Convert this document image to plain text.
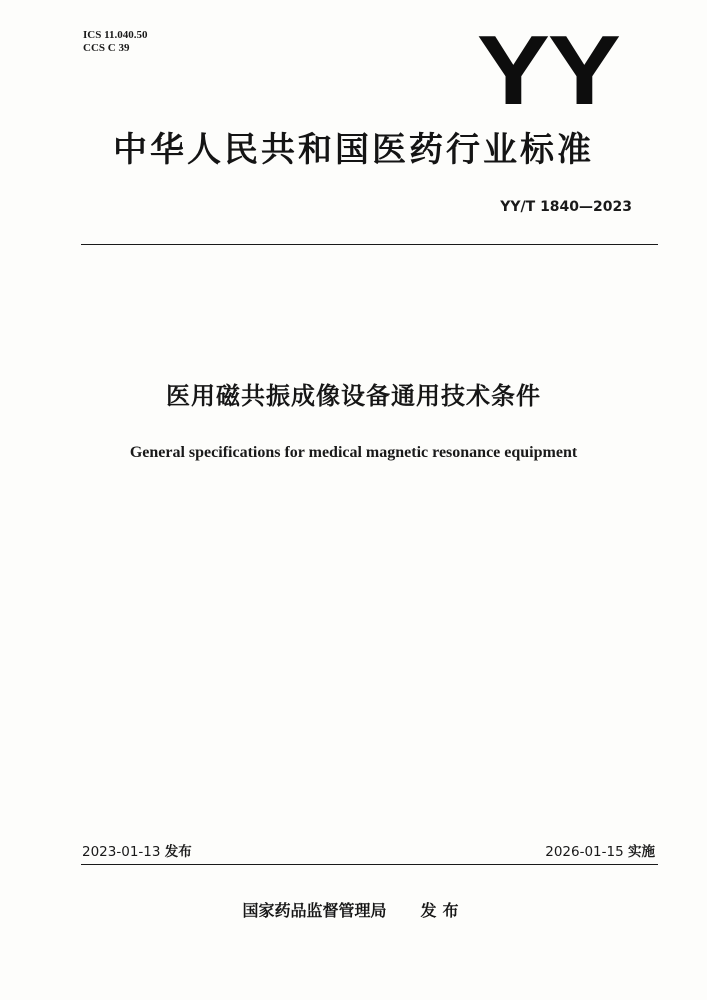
ICS 11.040.50
CCS C 39	YY
中华人民共和国医药行业标准
YY/T 1840—2023
医用磁共振成像设备通用技术条件
General specifications for medical magnetic resonance equipment
2023-01-13 发布	2026-01-15 实施
国家药品监督管理局 发布
